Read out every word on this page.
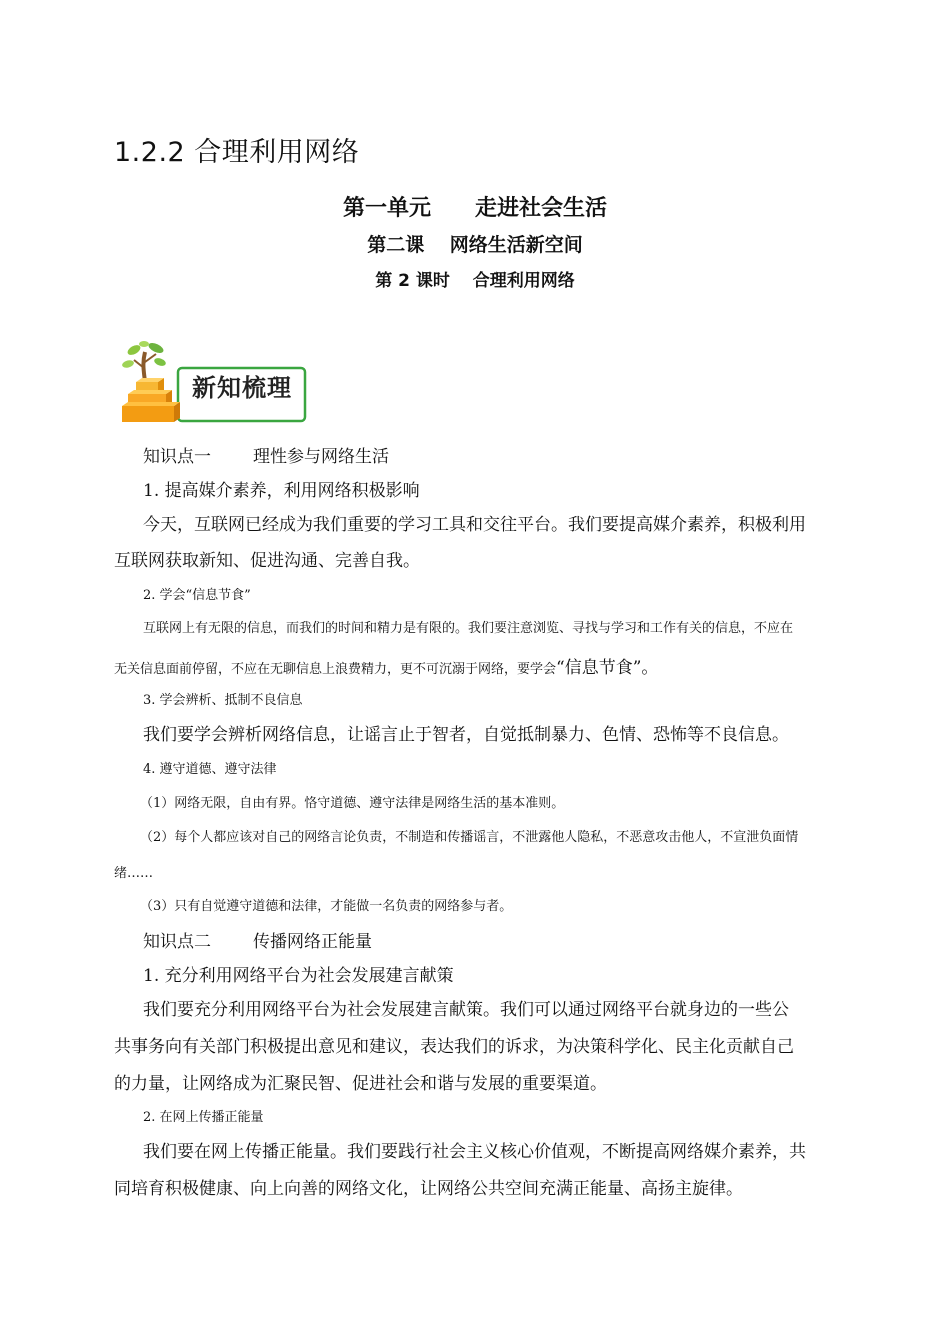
1.2.2 合理利用网络
第一单元　　走进社会生活
第二课　 网络生活新空间
第 2 课时　 合理利用网络
新知梳理
知识点一 理性参与网络生活
1. 提高媒介素养，利用网络积极影响
今天，互联网已经成为我们重要的学习工具和交往平台。我们要提高媒介素养，积极利用
互联网获取新知、促进沟通、完善自我。
2. 学会“信息节食”
互联网上有无限的信息，而我们的时间和精力是有限的。我们要注意浏览、寻找与学习和工作有关的信息，不应在
无关信息面前停留，不应在无聊信息上浪费精力，更不可沉溺于网络，要学会“信息节食”。
3. 学会辨析、抵制不良信息
我们要学会辨析网络信息，让谣言止于智者，自觉抵制暴力、色情、恐怖等不良信息。
4. 遵守道德、遵守法律
（1）网络无限，自由有界。恪守道德、遵守法律是网络生活的基本准则。
（2）每个人都应该对自己的网络言论负责，不制造和传播谣言，不泄露他人隐私，不恶意攻击他人，不宣泄负面情
绪……
（3）只有自觉遵守道德和法律，才能做一名负责的网络参与者。
知识点二 传播网络正能量
1. 充分利用网络平台为社会发展建言献策
我们要充分利用网络平台为社会发展建言献策。我们可以通过网络平台就身边的一些公
共事务向有关部门积极提出意见和建议，表达我们的诉求，为决策科学化、民主化贡献自己
的力量，让网络成为汇聚民智、促进社会和谐与发展的重要渠道。
2. 在网上传播正能量
我们要在网上传播正能量。我们要践行社会主义核心价值观，不断提高网络媒介素养，共
同培育积极健康、向上向善的网络文化，让网络公共空间充满正能量、高扬主旋律。
